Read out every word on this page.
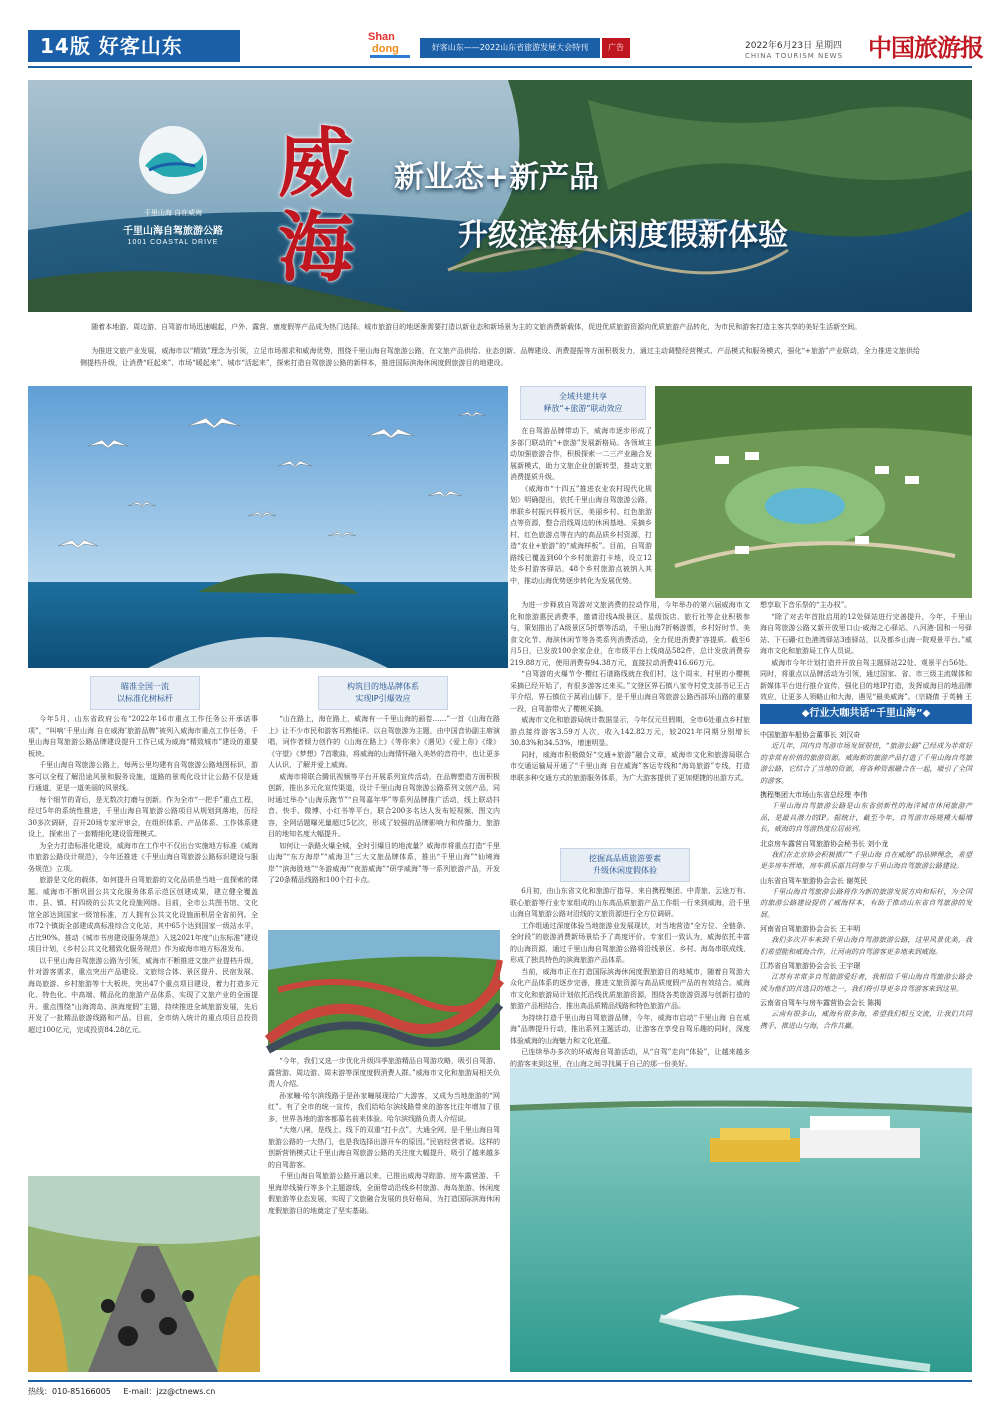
14版 好客山东	Shan
dong	好客山东——2022山东省旅游发展大会特刊	广告	2022年6月23日 星期四
CHINA TOURISM NEWS 中国旅游报
千里山海 自在威海
千里山海自驾旅游公路
1001 COASTAL DRIVE
威海
新业态+新产品
升级滨海休闲度假新体验
随着本地游、周边游、自驾游市场迅速崛起，户外、露营、康度假等产品成为热门选择。城市旅游目的地逐渐需要打造以新业态和新场景为主的文旅消费新载体，促进优质旅游资源向优质旅游产品转化，为市民和游客打造主客共享的美好生活新空间。
为推进文旅产业发展，威海市以“精致”理念为引领，立足市场需求和威海优势，围绕千里山海自驾旅游公路，在文旅产品供给、业态创新、品牌建设、消费提振等方面积极发力，通过主动调整经营模式、产品模式和服务模式，强化“+旅游”产业联动，全力推进文旅供给侧提档升级，让消费“旺起来”、市场“暖起来”、城市“活起来”，探索打造自驾旅游公路的新样本，推进国际滨海休闲度假旅游目的地建设。
全域共建共享
释放“+旅游”联动效应

在自驾游品牌带动下，威海市逐步形成了多部门联动的“+旅游”发展新格局。各领域主动加强旅游合作，积极探索一二三产业融合发展新模式，助力文旅企业创新转型，推动文旅消费提质升级。

《威海市“十四五”推进农业农村现代化规划》明确提出，依托千里山海自驾旅游公路，串联乡村振兴样板片区、美丽乡村、红色旅游点等资源，整合沿线周边的休闲基地、采摘乡村、红色旅游点等在内的高品质乡村资源，打造“农业+旅游”的“威海样板”。目前，自驾游路线已覆盖到60个乡村旅游打卡地，设立12处乡村游客驿站，48个乡村旅游点被纳入其中，推动山海优势逐步转化为发展优势。

为进一步释放自驾游对文旅消费的拉动作用，今年举办的第六届威海市文化和旅游惠民消费季，邀请沿线A级景区、星级饭店、旅行社等企业积极参与，策划推出了A级景区5折票等活动，千里山海7折畅游票，乡村好时节、美食文化节、海滨休闲节等各类系列消费活动，全力促进消费扩容提质。截至6月5日，已发放100余家企业，在市级平台上线商品582件，总计发放消费券219.88万元，使用消费券94.38万元，直接拉动消费416.66万元。

“自驾游的火爆节令·樱红石谱路线就在我们村，这个周末，村里的小樱桃采摘已经开始了，有很多游客过来买。”文登区界石镇八家寺村党支部书记王占平介绍，界石镇位于蒿岩山脚下，是千里山海自驾旅游公路西部环山路的重要一段，自驾游带火了樱桃采摘。

威海市文化和旅游局统计数据显示，今年仅元旦假期，全市6处重点乡村旅游点接待游客3.59万人次，收入142.82万元，较2021年同期分别增长30.83%和34.53%，增速明显。

同时，威海市积极做好“交通+旅游”融合文章，威海市文化和旅游局联合市交通运输局开通了“千里山海 自在威海”客运专线和“海岛旅游”专线，打造串联多种交通方式的旅游服务体系，为广大游客提供了更加便捷的出游方式。

想享取下音乐祭的“主办权”。

“除了对去年首批启用的12处驿站进行完善提升，今年，千里山海自驾旅游公路又新开放里口山·威海之心驿站、八河港·国和一号驿站、下石硼·红色港湾驿站3座驿站，以及都乡山海一院观景平台。”威海市文化和旅游局工作人员说。

威海市今年计划打造并开放自驾主题驿站22处、观景平台56处。同时，将重点以品牌活动为引领，通过国家、省、市三级主流媒体和新媒体平台进行推介宣传，强化目的地IP打造，发挥威海目的地品牌效应，让更多人领略山和大海，遇见“最美威海”。（宗晓倩 于英楠 王

瞄准全国一流
以标准化树标杆

今年5月，山东省政府公布“2022年16市重点工作任务公开承诺事项”，“叫响‘千里山海 自在威海’旅游品牌”被列入威海市重点工作任务，千里山海自驾旅游公路品牌建设提升工作已成为威海“精致城市”建设的重要板块。

千里山海自驾旅游公路上，每两公里均建有自驾旅游公路地图标识，游客可以全程了解沿途风景和服务设施，道路的景观化设计让公路不仅是通行通道，更是一道美丽的风景线。

每个细节的背后，是无数次打磨与创新。作为全市“一把手”重点工程，经过5年的系统性推进，千里山海自驾旅游公路项目从规划到落地，历经30多次调研，召开20场专家评审会，在组织体系、产品体系、工作体系建设上，探索出了一套精细化建设管理模式。

为全力打造标准化建设，威海市在工作中不仅出台实施地方标准《威海市旅游公路设计规范》，今年还推进《千里山海自驾旅游公路标识建设与服务规范》立项。

旅游是文化的载体，如何提升自驾旅游的文化品质是当地一直探索的课题。威海市不断巩固公共文化服务体系示范区创建成果，建立健全覆盖市、县、镇、村四级的公共文化设施网络。目前，全市公共图书馆、文化馆全部达到国家一级馆标准，万人拥有公共文化设施面积居全省前列。全市72个镇街全部建成高标准综合文化站，其中65个达到国家一级站水平，占比90%。推动《城市书房建设服务规范》入选2021年度“山东标准”建设项目计划，《乡村公共文化精致化服务规范》作为威海市地方标准发布。

以千里山海自驾旅游公路为引领，威海市不断推进文旅产业提档升级，针对游客需求，重点突出产品建设、文旅综合体、景区提升、民宿发展、海岛旅游、乡村旅游等十大板块，突出47个重点项目建设，着力打造多元化、特色化、中高端、精品化的旅游产品体系，实现了文旅产业的全面提升。重点围绕“山海湾岛、滨海度假”主题，持续推进全域旅游发展，先后开发了一批精品旅游线路和产品。目前，全市纳入统计的重点项目总投资超过100亿元，完成投资84.28亿元。

构筑目的地品牌体系
实现IP引爆效应

“山在路上，海在路上，威海有一千里山海的画卷……”一首《山海在路上》让不少市民和游客耳熟能详。以自驾旅游为主题，由中国音协副主席演唱，词作者倾力创作的《山海在路上》《等你来》《遇见》《爱上你》《缘》《守望》《梦想》7首歌曲，将威海的山海情怀融入美妙的音符中，也让更多人认识、了解并爱上威海。

威海市将联合腾讯视频等平台开展系列宣传活动，在品牌塑造方面积极创新，推出多元化宣传渠道，设计千里山海自驾旅游公路系列文创产品，同时通过举办“山海乐跑节”“自驾嘉年华”等系列品牌推广活动，线上联动抖音、快手、微博、小红书等平台，联合200多名达人发布短视频、图文内容，全网话题曝光量超过5亿次，形成了较强的品牌影响力和传播力，旅游目的地知名度大幅提升。

如何让一条路火爆全城，全时引爆目的地流量？威海市将重点打造“千里山海”“东方海岸”“威海卫”三大文旅品牌体系，推出“千里山海”“仙境海岸”“滨海胜地”“冬游威海”“夜游威海”“研学威海”等一系列旅游产品，开发了20条精品线路和100个打卡点。

“今年，我们又选一步优化升级四季旅游精品自驾游攻略，吸引自驾游、露营游、周边游、周末游等深度度假消费人群。”威海市文化和旅游局相关负责人介绍。

孙家疃·哈尔滨线路于是孙家疃展现给广大游客，又成为当地旅游的“网红”。有了全市的统一宣传，我们给哈尔滨线路带来的游客比往年增加了很多，世界各地的游客都慕名前来体验。哈尔滨线路负责人介绍说。

“大炮八闸，是线上、线下的双重“打卡点”，大通全网，是千里山海自驾旅游公路的一大热门，也是我选择出游开车的原因。”民宿经营者说。这样的创新营销模式让千里山海自驾旅游公路的关注度大幅提升，吸引了越来越多的自驾游客。

千里山海自驾旅游公路开通以来，已推出威海寻踪游、房车露营游、千里海岸线骑行等多个主题游线，全面带动沿线乡村旅游、海岛旅游、休闲度假旅游等业态发展，实现了文旅融合发展的良好格局，为打造国际滨海休闲度假旅游目的地奠定了坚实基础。

◆行业大咖共话“千里山海”◆
中国旅游车船协会董事长 刘汉奇
近几年，国内自驾游市场发展很快，“旅游公路”已经成为非常好的非常有价值的旅游资源。威海新的旅游产品打造了千里山海自驾旅游公路，它结合了当地的资源，将各种资源融合在一起，吸引了全国的游客。
携程集团大市场山东省总经理 李伟
千里山海自驾旅游公路是山东省创新性的海洋城市休闲旅游产品，是最具潜力的IP。据统计，截至今年，自驾游市场规模大幅增长，威海的自驾游热度位居前列。
北京房车露营自驾旅游协会秘书长 刘小龙
我们在北京协会积极推广“千里山海 自在威海”的品牌理念，希望更多房车营地、房车俱乐部共同参与千里山海自驾旅游公路建设。
山东省自驾车旅游协会会长 谢英民
千里山海自驾旅游公路将作为新的旅游发展方向和标杆，为全国的旅游公路建设提供了威海样本，有助于推动山东省自驾旅游的发展。
河南省自驾旅游协会会长 王丰明
我们多次开车来到千里山海自驾游旅游公路，这里风景优美，我们希望能和威海合作，让河南的自驾游客更多地来到威海。
江苏省自驾旅游协会会长 王宇璟
江苏有非常多自驾旅游爱好者，我相信千里山海自驾旅游公路会成为他们的首选目的地之一，我们将引导更多自驾游客来到这里。
云南省自驾车与房车露营协会会长 陈揭
云南有很多山，威海有很多海，希望我们相互交流，让我们共同携手，推进山与海，合作共赢。
挖掘高品质旅游要素
升级休闲度假体验

6月初，由山东省文化和旅游厅指导，来自携程集团、中青旅、云途万有、联心旅游等行业专家组成的山东高品质旅游产品工作组一行来到威海，沿千里山海自驾旅游公路对沿线的文旅资源进行全方位调研。

工作组通过深度体验当地旅游业发展现状，对当地营造“全方位、全链条、全时段”的旅游消费新场景给予了高度评价。专家们一致认为，威海依托丰富的山海资源，通过千里山海自驾旅游公路将沿线景区、乡村、海岛串联成线，形成了独具特色的滨海旅游产品体系。

当前，威海市正在打造国际滨海休闲度假旅游目的地城市，随着自驾游大众化产品体系的逐步完善，推进文旅资源与高品质度假产品的有效结合。威海市文化和旅游局计划依托沿线优质旅游资源，围绕各类旅游资源与创新打造的旅游产品相结合，推出高品质精品线路和特色旅游产品。

为持续打造千里山海自驾旅游品牌，今年，威海市启动“千里山海 自在威海”品牌提升行动，推出系列主题活动，让游客在享受自驾乐趣的同时，深度体验威海的山海魅力和文化底蕴。

已连续举办多次的环威海自驾游活动，从“自驾”走向“体验”，让越来越多的游客来到这里，在山海之间寻找属于自己的那一份美好。

热线：010-85166005 E-mail：jzz@ctnews.cn
